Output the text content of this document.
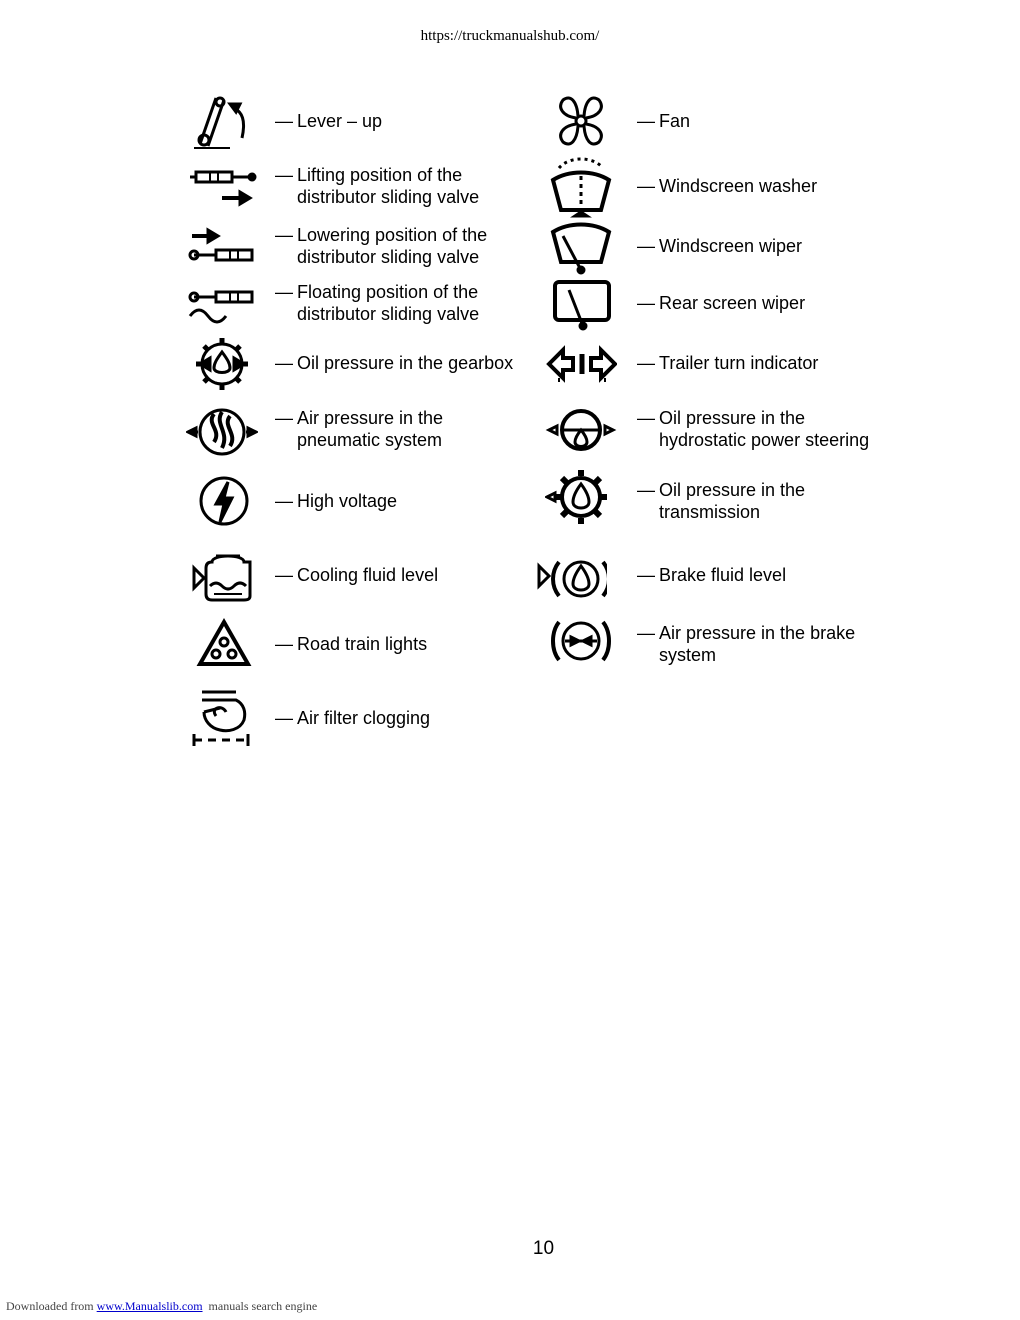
https://truckmanualshub.com/
— Lever – up
— Lifting position of the
distributor sliding valve
— Lowering position of the
distributor sliding valve
— Floating position of the
distributor sliding valve
— Oil pressure in the gearbox
— Air pressure in the
pneumatic system
— High voltage
— Cooling fluid level
— Road train lights
— Air filter clogging
— Fan
— Windscreen washer
— Windscreen wiper
— Rear screen wiper
— Trailer turn indicator
— Oil pressure in the
hydrostatic power steering
— Oil pressure in the
transmission
— Brake fluid level
— Air pressure in the brake
system
10
Downloaded from www.Manualslib.com  manuals search engine
